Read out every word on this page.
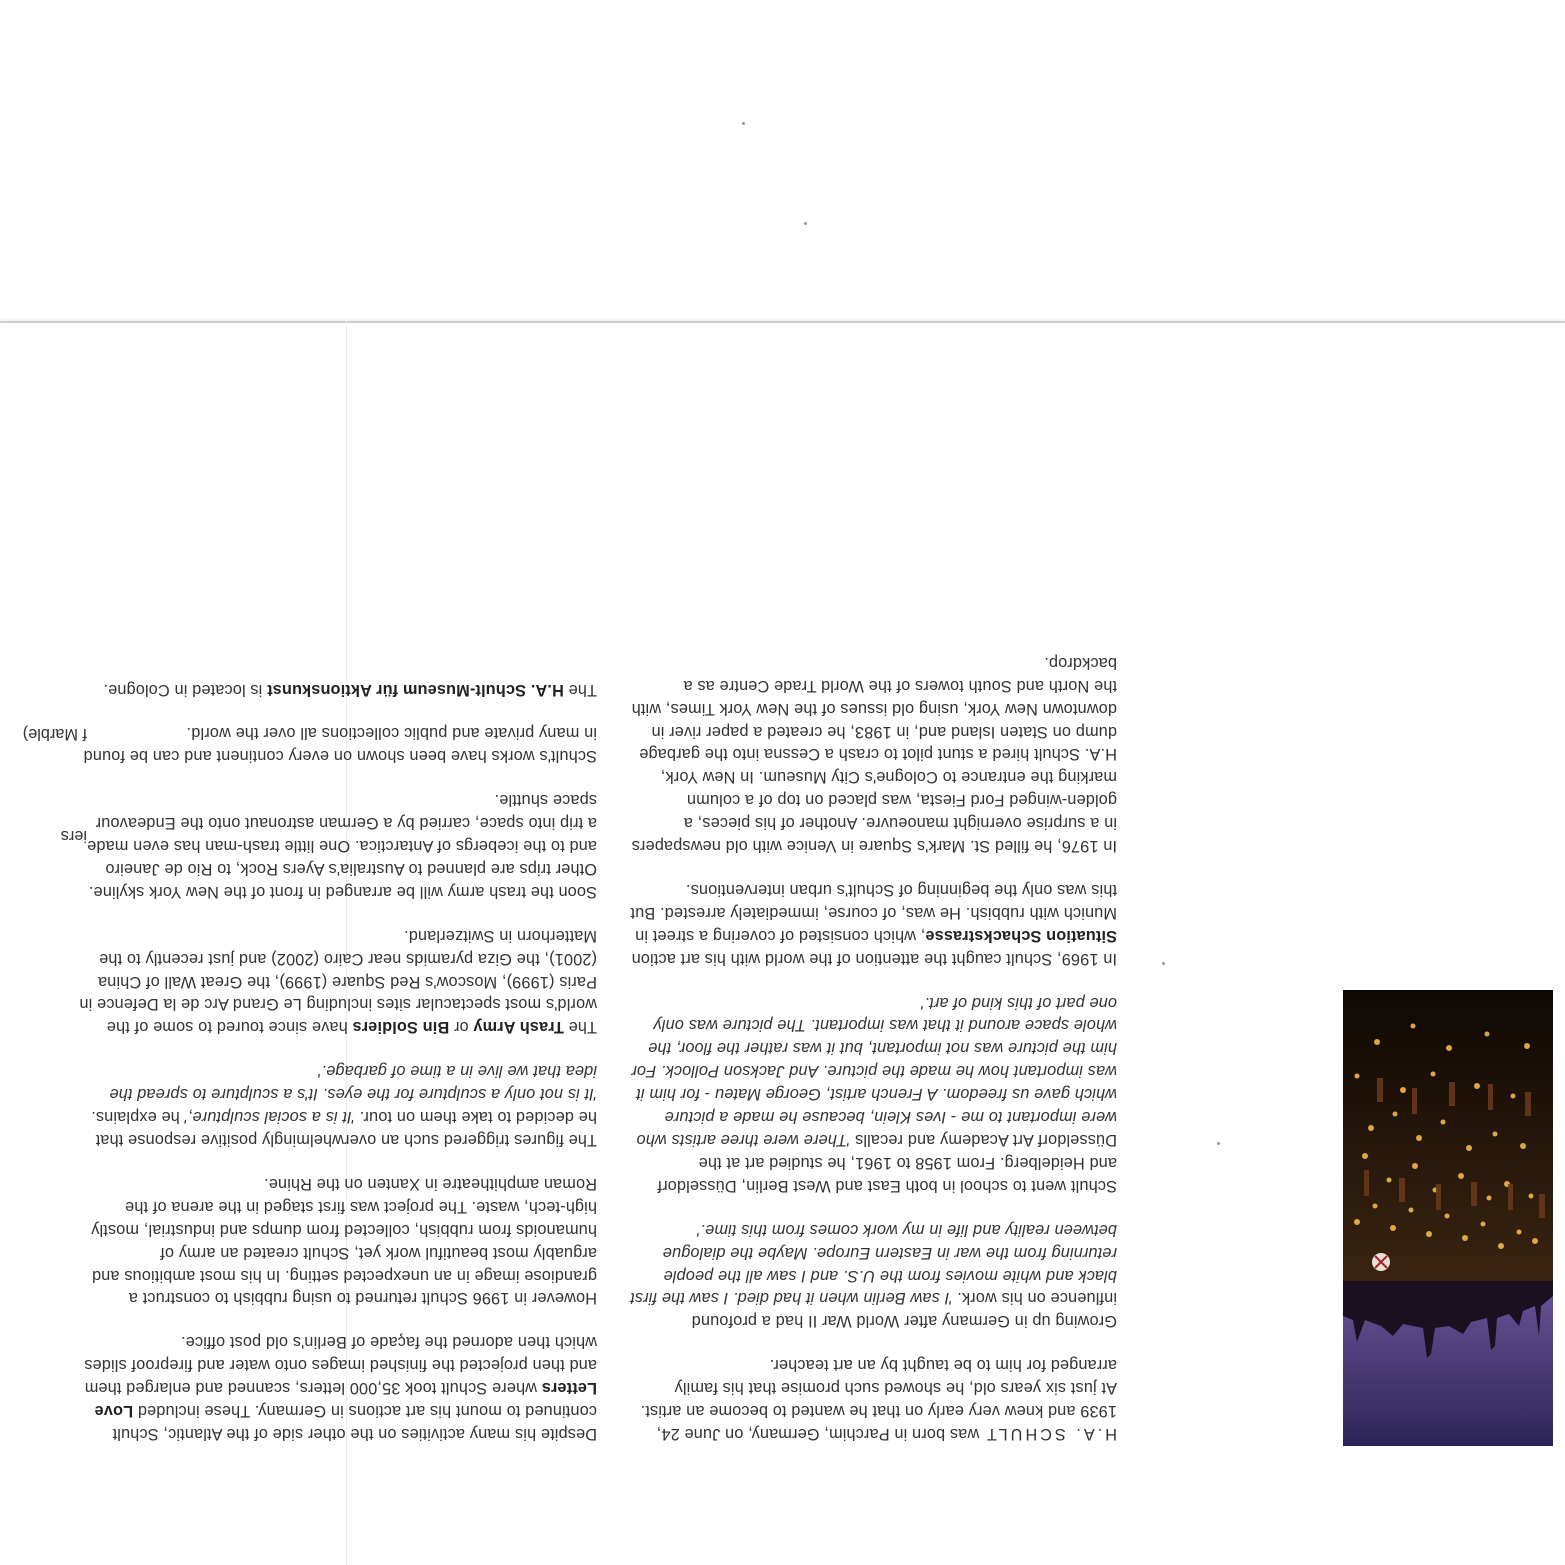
iers
f Marble)

H.A. SCHULT was born in Parchim, Germany, on June 24, 1939 and knew very early on that he wanted to become an artist. At just six years old, he showed such promise that his family arranged for him to be taught by an art teacher.

Growing up in Germany after World War II had a profound influence on his work. 'I saw Berlin when it had died. I saw the first black and white movies from the U.S. and I saw all the people returning from the war in Eastern Europe. Maybe the dialogue between reality and life in my work comes from this time.'

Schult went to school in both East and West Berlin, Düsseldorf and Heidelberg. From 1958 to 1961, he studied art at the Düsseldorf Art Academy and recalls 'There were three artists who were important to me - Ives Klein, because he made a picture which gave us freedom. A French artist, George Mateu - for him it was important how he made the picture. And Jackson Pollock. For him the picture was not important, but it was rather the floor, the whole space around it that was important. The picture was only one part of this kind of art.'

In 1969, Schult caught the attention of the world with his art action Situation Schackstrasse, which consisted of covering a street in Munich with rubbish. He was, of course, immediately arrested. But this was only the beginning of Schult's urban interventions.

In 1976, he filled St. Mark's Square in Venice with old newspapers in a surprise overnight manoeuvre. Another of his pieces, a golden-winged Ford Fiesta, was placed on top of a column marking the entrance to Cologne's City Museum. In New York, H.A. Schult hired a stunt pilot to crash a Cessna into the garbage dump on Staten Island and, in 1983, he created a paper river in downtown New York, using old issues of the New York Times, with the North and South towers of the World Trade Centre as a backdrop.

Despite his many activities on the other side of the Atlantic, Schult continued to mount his art actions in Germany. These included Love Letters where Schult took 35,000 letters, scanned and enlarged them and then projected the finished images onto water and fireproof slides which then adorned the façade of Berlin's old post office.

However in 1996 Schult returned to using rubbish to construct a grandiose image in an unexpected setting. In his most ambitious and arguably most beautiful work yet, Schult created an army of humanoids from rubbish, collected from dumps and industrial, mostly high-tech, waste. The project was first staged in the arena of the Roman amphitheatre in Xanten on the Rhine.

The figures triggered such an overwhelmingly positive response that he decided to take them on tour. 'It is a social sculpture,' he explains. 'It is not only a sculpture for the eyes. It's a sculpture to spread the idea that we live in a time of garbage.'

The Trash Army or Bin Soldiers have since toured to some of the world's most spectacular sites including Le Grand Arc de la Defence in Paris (1999), Moscow's Red Square (1999), the Great Wall of China (2001), the Giza pyramids near Cairo (2002) and just recently to the Matterhorn in Switzerland.

Soon the trash army will be arranged in front of the New York skyline. Other trips are planned to Australia's Ayers Rock, to Rio de Janeiro and to the icebergs of Antarctica. One little trash-man has even made a trip into space, carried by a German astronaut onto the Endeavour space shuttle.

Schult's works have been shown on every continent and can be found in many private and public collections all over the world.

The H.A. Schult-Museum für Aktionskunst is located in Cologne.
